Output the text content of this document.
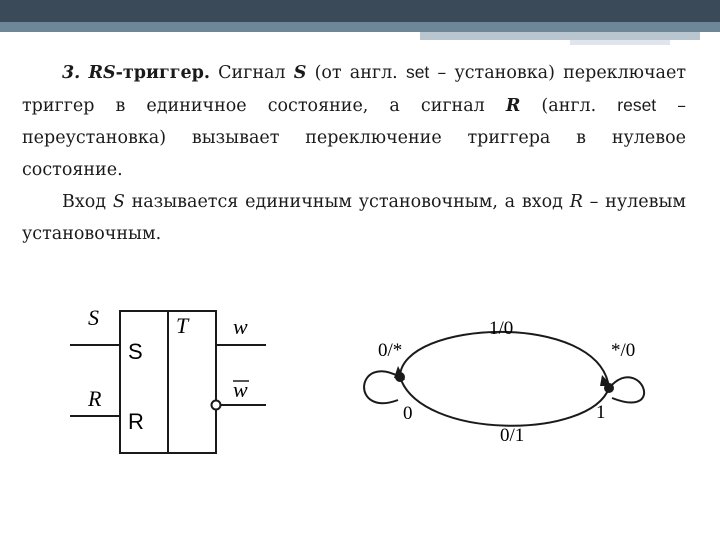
3. RS-триггер. Сигнал S (от англ. set – установка) переключает триггер в единичное состояние, а сигнал R (англ. reset – переустановка) вызывает переключение триггера в нулевое состояние.

Вход S называется единичным установочным, а вход R – нулевым установочным.

S
R
S
R
T w
w
1/0
0/1
0/*	*/0
0	1
